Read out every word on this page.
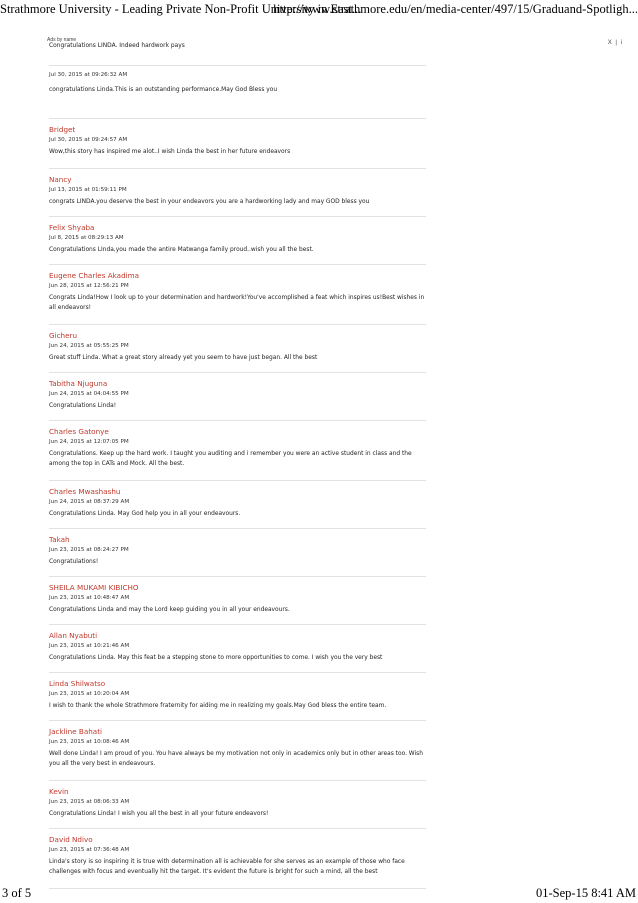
Strathmore University - Leading Private Non-Profit University in East...
http://www.strathmore.edu/en/media-center/497/15/Graduand-Spotligh...
Ads by name	X | i
Congratulations LINDA. Indeed hardwork pays
Jul 30, 2015 at 09:26:32 AM
congratulations Linda.This is an outstanding performance.May God Bless you
Bridget
Jul 30, 2015 at 09:24:57 AM
Wow,this story has inspired me alot..I wish Linda the best in her future endeavors
Nancy
Jul 13, 2015 at 01:59:11 PM
congrats LINDA.you deserve the best in your endeavors you are a hardworking lady and may GOD bless you
Felix Shyaba
Jul 8, 2015 at 08:29:13 AM
Congratulations LInda,you made the antire Matwanga family proud..wish you all the best.
Eugene Charles Akadima
Jun 28, 2015 at 12:56:21 PM
Congrats Linda!How I look up to your determination and hardwork!You've accomplished a feat which inspires us!Best wishes in all endeavors!
Gicheru
Jun 24, 2015 at 05:55:25 PM
Great stuff Linda. What a great story already yet you seem to have just began. All the best
Tabitha Njuguna
Jun 24, 2015 at 04:04:55 PM
Congratulations Linda!
Charles Gatonye
Jun 24, 2015 at 12:07:05 PM
Congratulations. Keep up the hard work. I taught you auditing and i remember you were an active student in class and the among the top in CATs and Mock. All the best.
Charles Mwashashu
Jun 24, 2015 at 08:37:29 AM
Congratulations Linda. May God help you in all your endeavours.
Takah
Jun 23, 2015 at 08:24:27 PM
Congratulations!
SHEILA MUKAMI KIBICHO
Jun 23, 2015 at 10:48:47 AM
Congratulations Linda and may the Lord keep guiding you in all your endeavours.
Allan Nyabuti
Jun 23, 2015 at 10:21:46 AM
Congratulations Linda. May this feat be a stepping stone to more opportunities to come. I wish you the very best
Linda Shilwatso
Jun 23, 2015 at 10:20:04 AM
I wish to thank the whole Strathmore fraternity for aiding me in realizing my goals.May God bless the entire team.
Jackline Bahati
Jun 23, 2015 at 10:08:46 AM
Well done Linda! I am proud of you. You have always be my motivation not only in academics only but in other areas too. Wish you all the very best in endeavours.
Kevin
Jun 23, 2015 at 08:06:33 AM
Congratulations Linda! I wish you all the best in all your future endeavors!
David Ndivo
Jun 23, 2015 at 07:36:48 AM
Linda's story is so inspiring it is true with determination all is achievable for she serves as an example of those who face challenges with focus and eventually hit the target. It's evident the future is bright for such a mind, all the best
3 of 5	01-Sep-15 8:41 AM
